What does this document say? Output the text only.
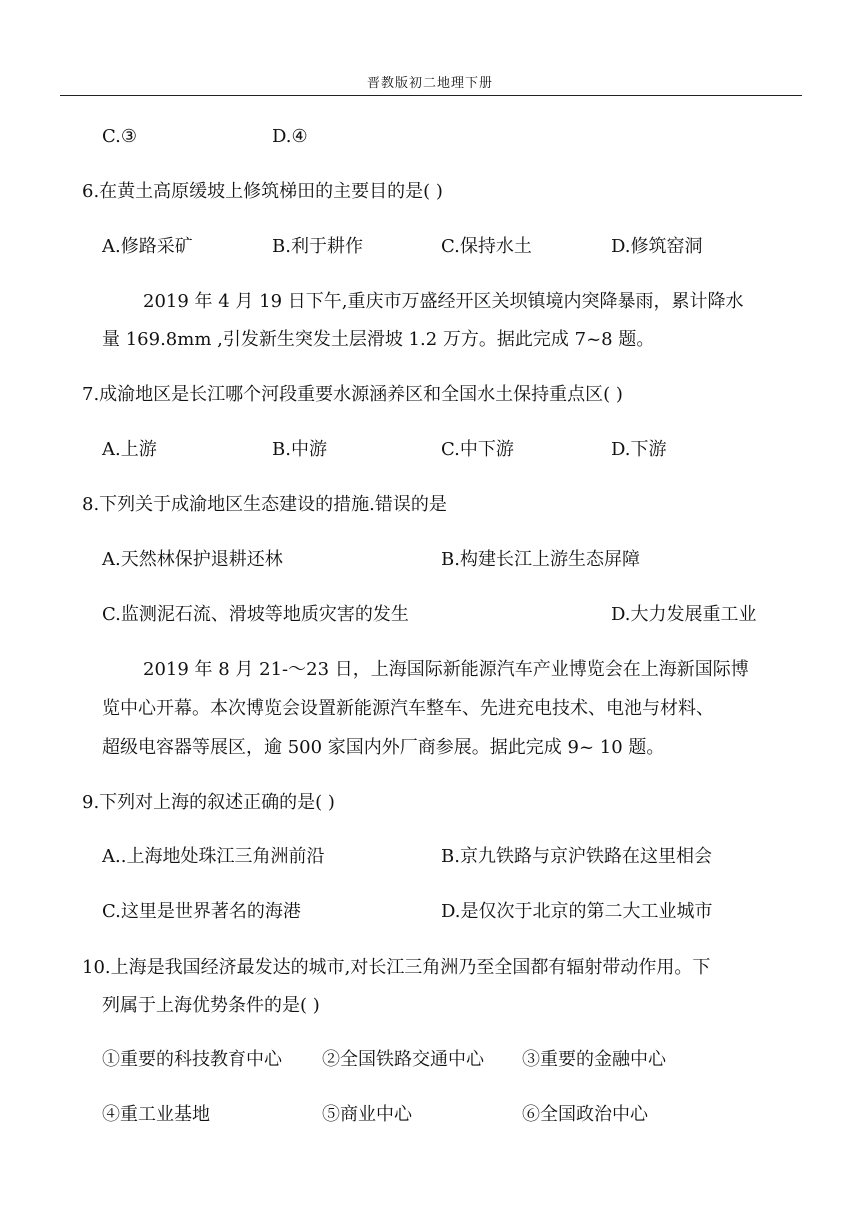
晋教版初二地理下册
C.③	D.④
6.在黄土高原缓坡上修筑梯田的主要目的是( )
A.修路采矿	B.利于耕作	C.保持水土	D.修筑窑洞
2019 年 4 月 19 日下午,重庆市万盛经开区关坝镇境内突降暴雨，累计降水
量 169.8mm ,引发新生突发土层滑坡 1.2 万方。据此完成 7~8 题。
7.成渝地区是长江哪个河段重要水源涵养区和全国水土保持重点区( )
A.上游	B.中游	C.中下游	D.下游
8.下列关于成渝地区生态建设的措施.错误的是
A.天然林保护退耕还林	B.构建长江上游生态屏障
C.监测泥石流、滑坡等地质灾害的发生	D.大力发展重工业
2019 年 8 月 21-～23 日，上海国际新能源汽车产业博览会在上海新国际博
览中心开幕。本次博览会设置新能源汽车整车、先进充电技术、电池与材料、
超级电容器等展区，逾 500 家国内外厂商参展。据此完成 9~ 10 题。
9.下列对上海的叙述正确的是( )
A..上海地处珠江三角洲前沿	B.京九铁路与京沪铁路在这里相会
C.这里是世界著名的海港	D.是仅次于北京的第二大工业城市
10.上海是我国经济最发达的城市,对长江三角洲乃至全国都有辐射带动作用。下
列属于上海优势条件的是( )
①重要的科技教育中心 ②全国铁路交通中心 ③重要的金融中心
④重工业基地	⑤商业中心	⑥全国政治中心
